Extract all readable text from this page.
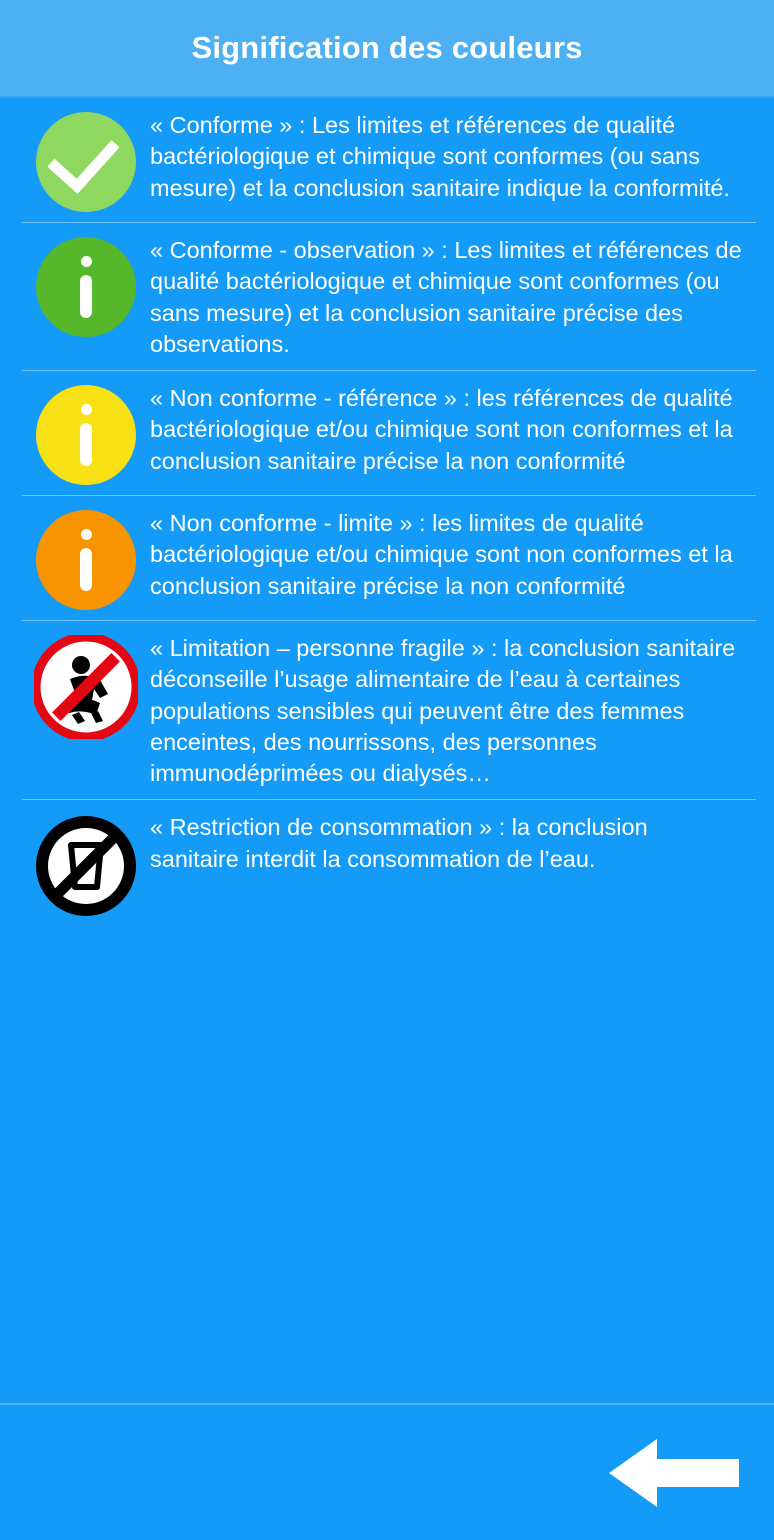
Signification des couleurs
« Conforme » : Les limites et références de qualité bactériologique et chimique sont conformes (ou sans mesure) et la conclusion sanitaire indique la conformité.
« Conforme - observation » : Les limites et références de qualité bactériologique et chimique sont conformes (ou sans mesure) et la conclusion sanitaire précise des observations.
« Non conforme - référence » : les références de qualité bactériologique et/ou chimique sont non conformes et la conclusion sanitaire précise la non conformité
« Non conforme - limite » : les limites de qualité bactériologique et/ou chimique sont non conformes et la conclusion sanitaire précise la non conformité
« Limitation – personne fragile » : la conclusion sanitaire déconseille l’usage alimentaire de l’eau à certaines populations sensibles qui peuvent être des femmes enceintes, des nourrissons, des personnes immunodéprimées ou dialysés…
« Restriction de consommation » : la conclusion sanitaire interdit la consommation de l’eau.
